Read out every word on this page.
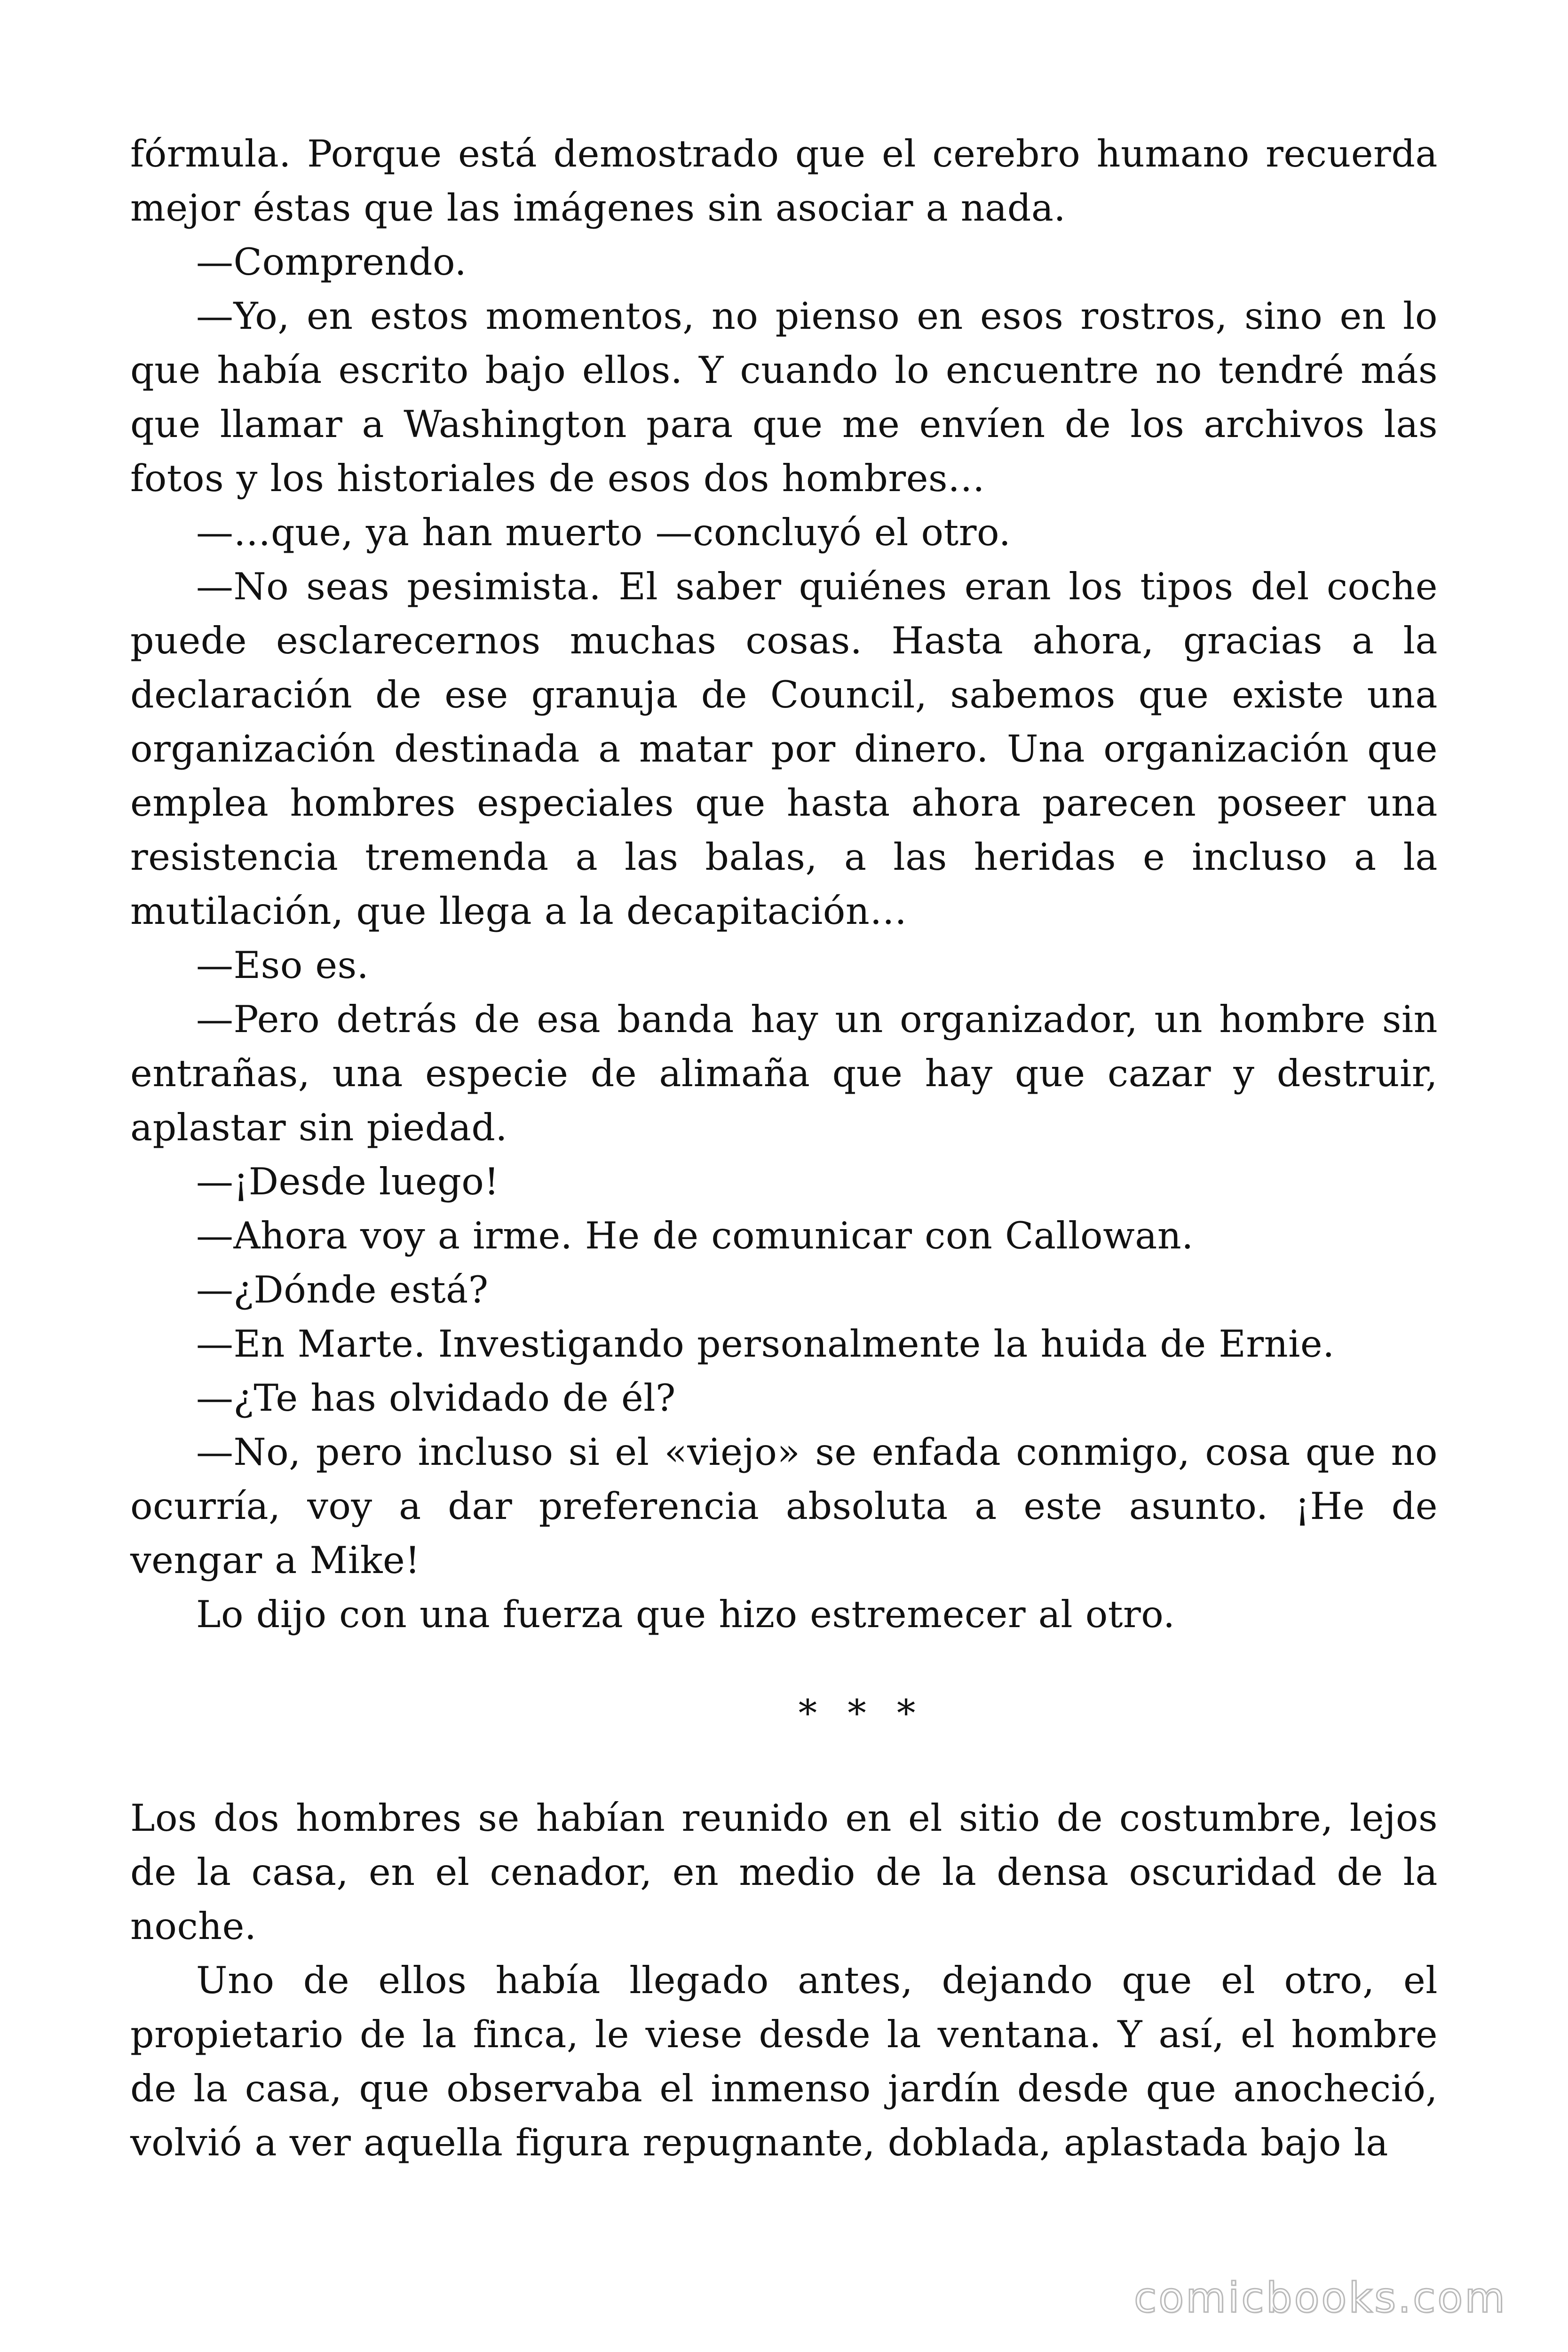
fórmula. Porque está demostrado que el cerebro humano recuerda mejor éstas que las imágenes sin asociar a nada.

—Comprendo.

—Yo, en estos momentos, no pienso en esos rostros, sino en lo que había escrito bajo ellos. Y cuando lo encuentre no tendré más que llamar a Washington para que me envíen de los archivos las fotos y los historiales de esos dos hombres…

—…que, ya han muerto —concluyó el otro.

—No seas pesimista. El saber quiénes eran los tipos del coche puede esclarecernos muchas cosas. Hasta ahora, gracias a la declaración de ese granuja de Council, sabemos que existe una organización destinada a matar por dinero. Una organización que emplea hombres especiales que hasta ahora parecen poseer una resistencia tremenda a las balas, a las heridas e incluso a la mutilación, que llega a la decapitación…

—Eso es.

—Pero detrás de esa banda hay un organizador, un hombre sin entrañas, una especie de alimaña que hay que cazar y destruir, aplastar sin piedad.

—¡Desde luego!

—Ahora voy a irme. He de comunicar con Callowan.

—¿Dónde está?

—En Marte. Investigando personalmente la huida de Ernie.

—¿Te has olvidado de él?

—No, pero incluso si el «viejo» se enfada conmigo, cosa que no ocurría, voy a dar preferencia absoluta a este asunto. ¡He de vengar a Mike!

Lo dijo con una fuerza que hizo estremecer al otro.

* * *

Los dos hombres se habían reunido en el sitio de costumbre, lejos de la casa, en el cenador, en medio de la densa oscuridad de la noche.

Uno de ellos había llegado antes, dejando que el otro, el propietario de la finca, le viese desde la ventana. Y así, el hombre de la casa, que observaba el inmenso jardín desde que anocheció, volvió a ver aquella figura repugnante, doblada, aplastada bajo la

comicbooks.com
